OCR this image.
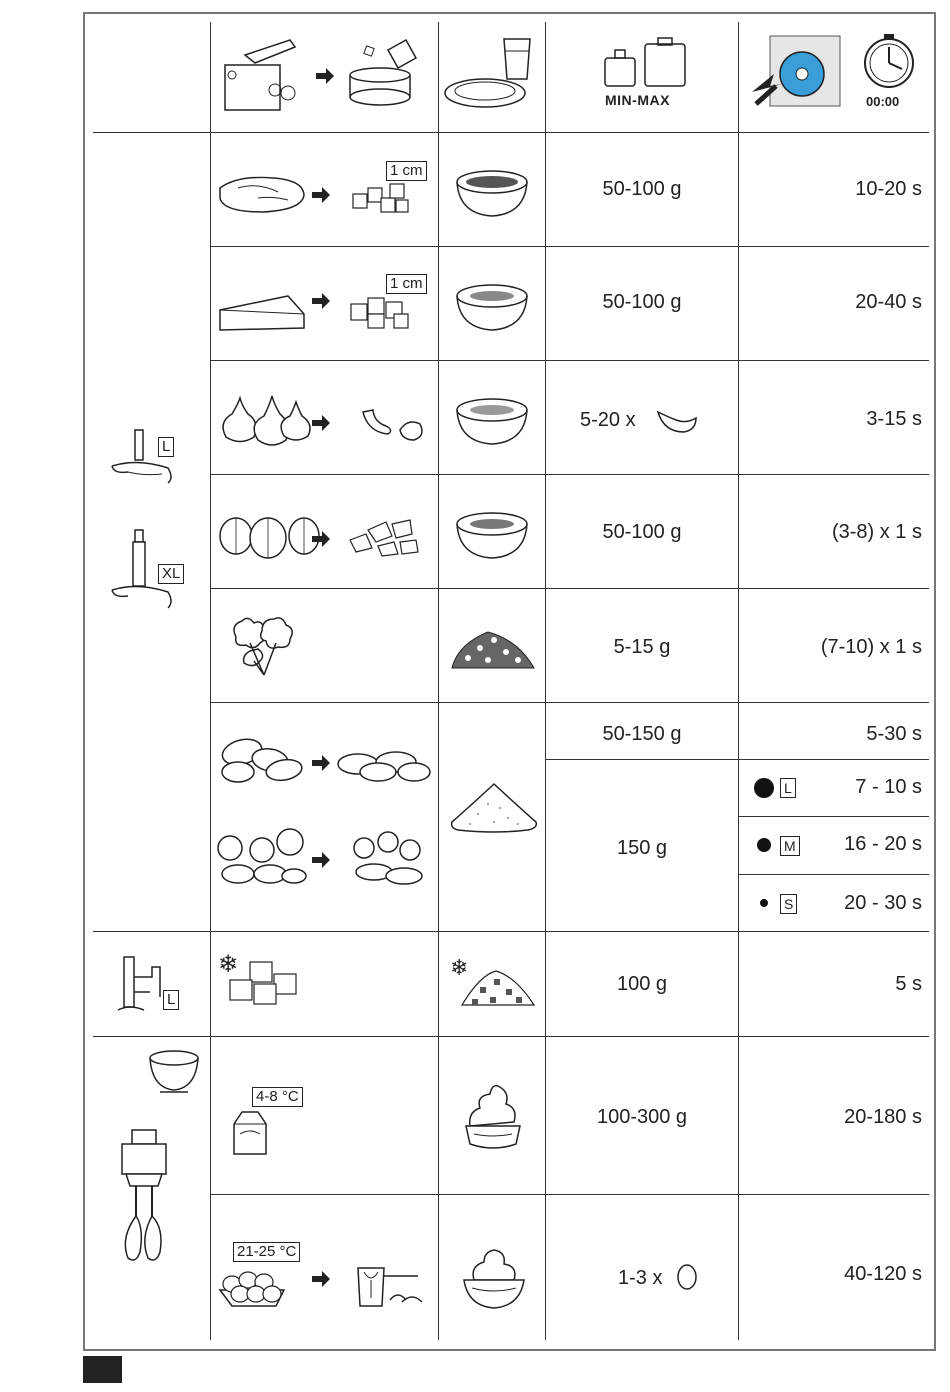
MIN-MAX	00:00
L
XL
L
1 cm
50-100 g	10-20 s
1 cm
50-100 g	20-40 s
5-20 x	3-15 s
50-100 g	(3-8) x 1 s
5-15 g	(7-10) x 1 s
50-150 g	5-30 s
150 g
L	7 - 10 s
M	16 - 20 s
S	20 - 30 s
❄	❄
100 g	5 s
4-8 °C
100-300 g	20-180 s
21-25 °C
1-3 x	40-120 s
